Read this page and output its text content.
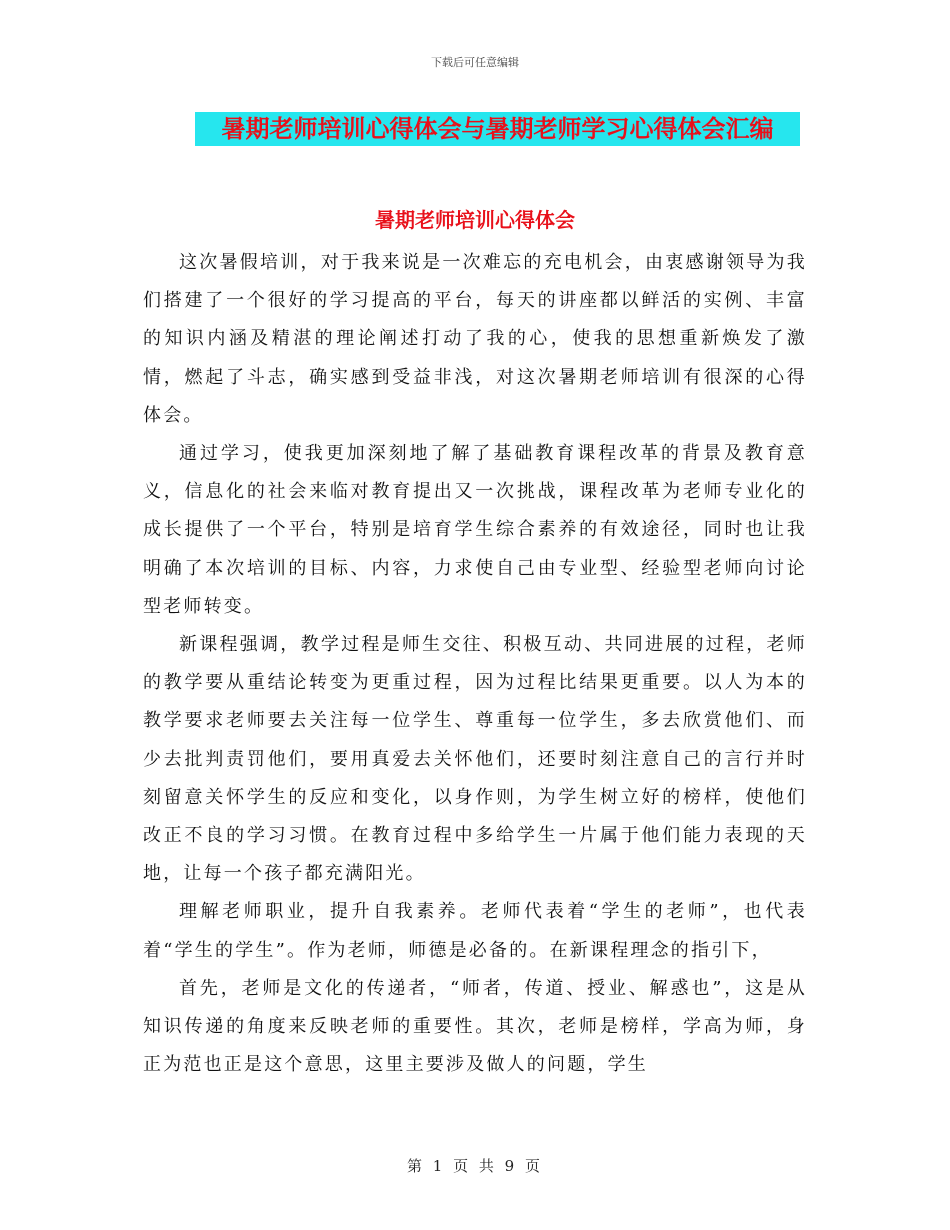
下载后可任意编辑
暑期老师培训心得体会与暑期老师学习心得体会汇编
暑期老师培训心得体会

这次暑假培训，对于我来说是一次难忘的充电机会，由衷感谢领导为我们搭建了一个很好的学习提高的平台，每天的讲座都以鲜活的实例、丰富的知识内涵及精湛的理论阐述打动了我的心，使我的思想重新焕发了激情，燃起了斗志，确实感到受益非浅，对这次暑期老师培训有很深的心得体会。

通过学习，使我更加深刻地了解了基础教育课程改革的背景及教育意义，信息化的社会来临对教育提出又一次挑战，课程改革为老师专业化的成长提供了一个平台，特别是培育学生综合素养的有效途径，同时也让我明确了本次培训的目标、内容，力求使自己由专业型、经验型老师向讨论型老师转变。

新课程强调，教学过程是师生交往、积极互动、共同进展的过程，老师的教学要从重结论转变为更重过程，因为过程比结果更重要。以人为本的教学要求老师要去关注每一位学生、尊重每一位学生，多去欣赏他们、而少去批判责罚他们，要用真爱去关怀他们，还要时刻注意自己的言行并时刻留意关怀学生的反应和变化，以身作则，为学生树立好的榜样，使他们改正不良的学习习惯。在教育过程中多给学生一片属于他们能力表现的天地，让每一个孩子都充满阳光。

理解老师职业，提升自我素养。老师代表着“学生的老师”，也代表着“学生的学生”。作为老师，师德是必备的。在新课程理念的指引下，

首先，老师是文化的传递者，“师者，传道、授业、解惑也”，这是从知识传递的角度来反映老师的重要性。其次，老师是榜样，学高为师，身正为范也正是这个意思，这里主要涉及做人的问题，学生

第 1 页 共 9 页
